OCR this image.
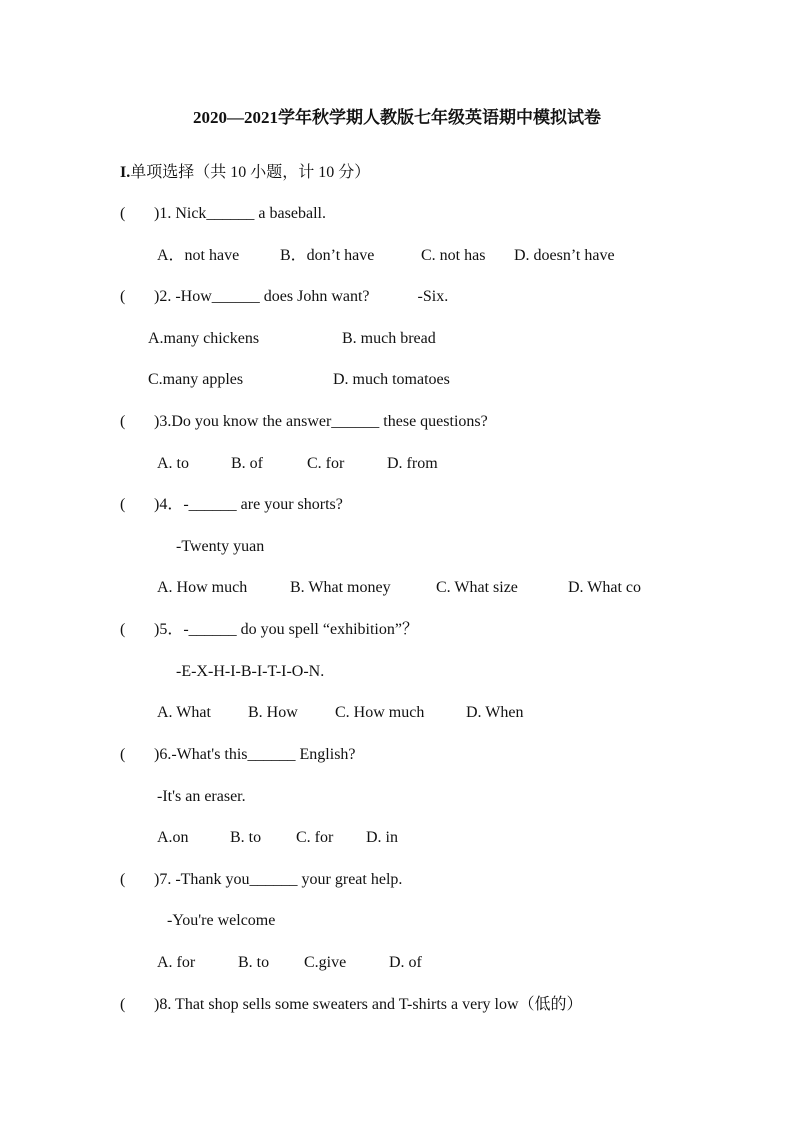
2020—2021学年秋学期人教版七年级英语期中模拟试卷
I.单项选择（共 10 小题，计 10 分）
( )1. Nick______ a baseball.
A．not have	B．don’t have	C. not has D. doesn’t have
( )2. -How______ does John want?	-Six.
A.many chickens	B. much bread
C.many apples	D. much tomatoes
( )3.Do you know the answer______ these questions?
A. to	B. of	C. for	D. from
( )4．-______ are your shorts?
-Twenty yuan
A. How much	B. What money	C. What size	D. What co
( )5．-______ do you spell “exhibition”？
-E-X-H-I-B-I-T-I-O-N.
A. What B. How C. How much	D. When
( )6.-What's this______ English?
-It's an eraser.
A.on	B. to C. for D. in
( )7. -Thank you______ your great help.
-You're welcome
A. for	B. to C.give	D. of
( )8. That shop sells some sweaters and T-shirts a very low（低的）
